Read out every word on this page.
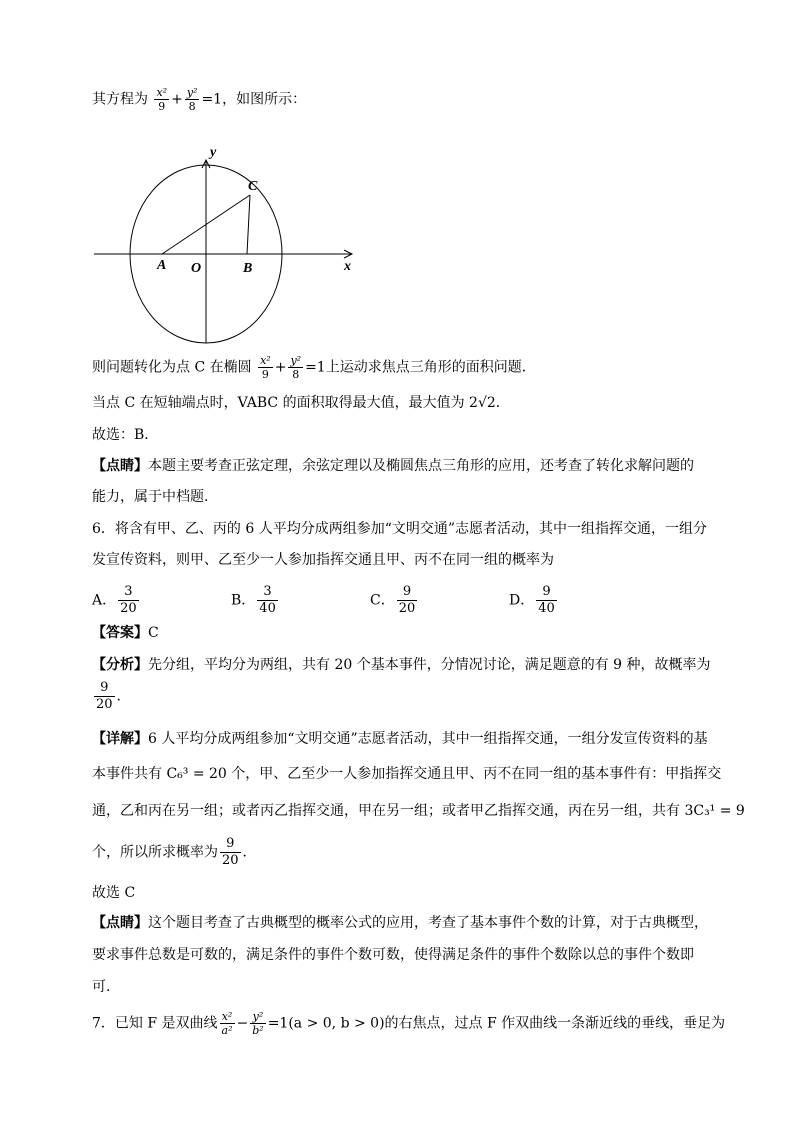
其方程为 $\frac{\text{x²}}{9} + \frac{\text{y²}}{8} =1$，如图所示：
y
x
C
A O	B
则问题转化为点 C 在椭圆 $\frac{\text{x²}}{9} + \frac{\text{y²}}{8} =1$上运动求焦点三角形的面积问题．
当点 C 在短轴端点时，VABC 的面积取得最大值，最大值为 2√2．
故选：B．
【点睛】本题主要考查正弦定理，余弦定理以及椭圆焦点三角形的应用，还考查了转化求解问题的
能力，属于中档题.
6．将含有甲、乙、丙的 6 人平均分成两组参加“文明交通”志愿者活动，其中一组指挥交通，一组分
发宣传资料，则甲、乙至少一人参加指挥交通且甲、丙不在同一组的概率为
A． $\frac{3}{20}$	B． $\frac{3}{40}$	C． $\frac{9}{20}$	D． $\frac{9}{40}$
【答案】C
【分析】先分组，平均分为两组，共有 20 个基本事件，分情况讨论，满足题意的有 9 种，故概率为
$\frac{9}{20}$ .
【详解】6 人平均分成两组参加“文明交通”志愿者活动，其中一组指挥交通，一组分发宣传资料的基
本事件共有 C₆³ = 20 个，甲、乙至少一人参加指挥交通且甲、丙不在同一组的基本事件有：甲指挥交
通，乙和丙在另一组；或者丙乙指挥交通，甲在另一组；或者甲乙指挥交通，丙在另一组，共有 3C₃¹ = 9
个，所以所求概率为 $\frac{9}{20}$ ．
故选 C
【点睛】这个题目考查了古典概型的概率公式的应用，考查了基本事件个数的计算，对于古典概型，
要求事件总数是可数的，满足条件的事件个数可数，使得满足条件的事件个数除以总的事件个数即
可.
7．已知 F 是双曲线 $\frac{\text{x²}}{\text{a²}} - \frac{\text{y²}}{\text{b²}} =1(a > 0$, b > 0)的右焦点，过点 F 作双曲线一条渐近线的垂线，垂足为
